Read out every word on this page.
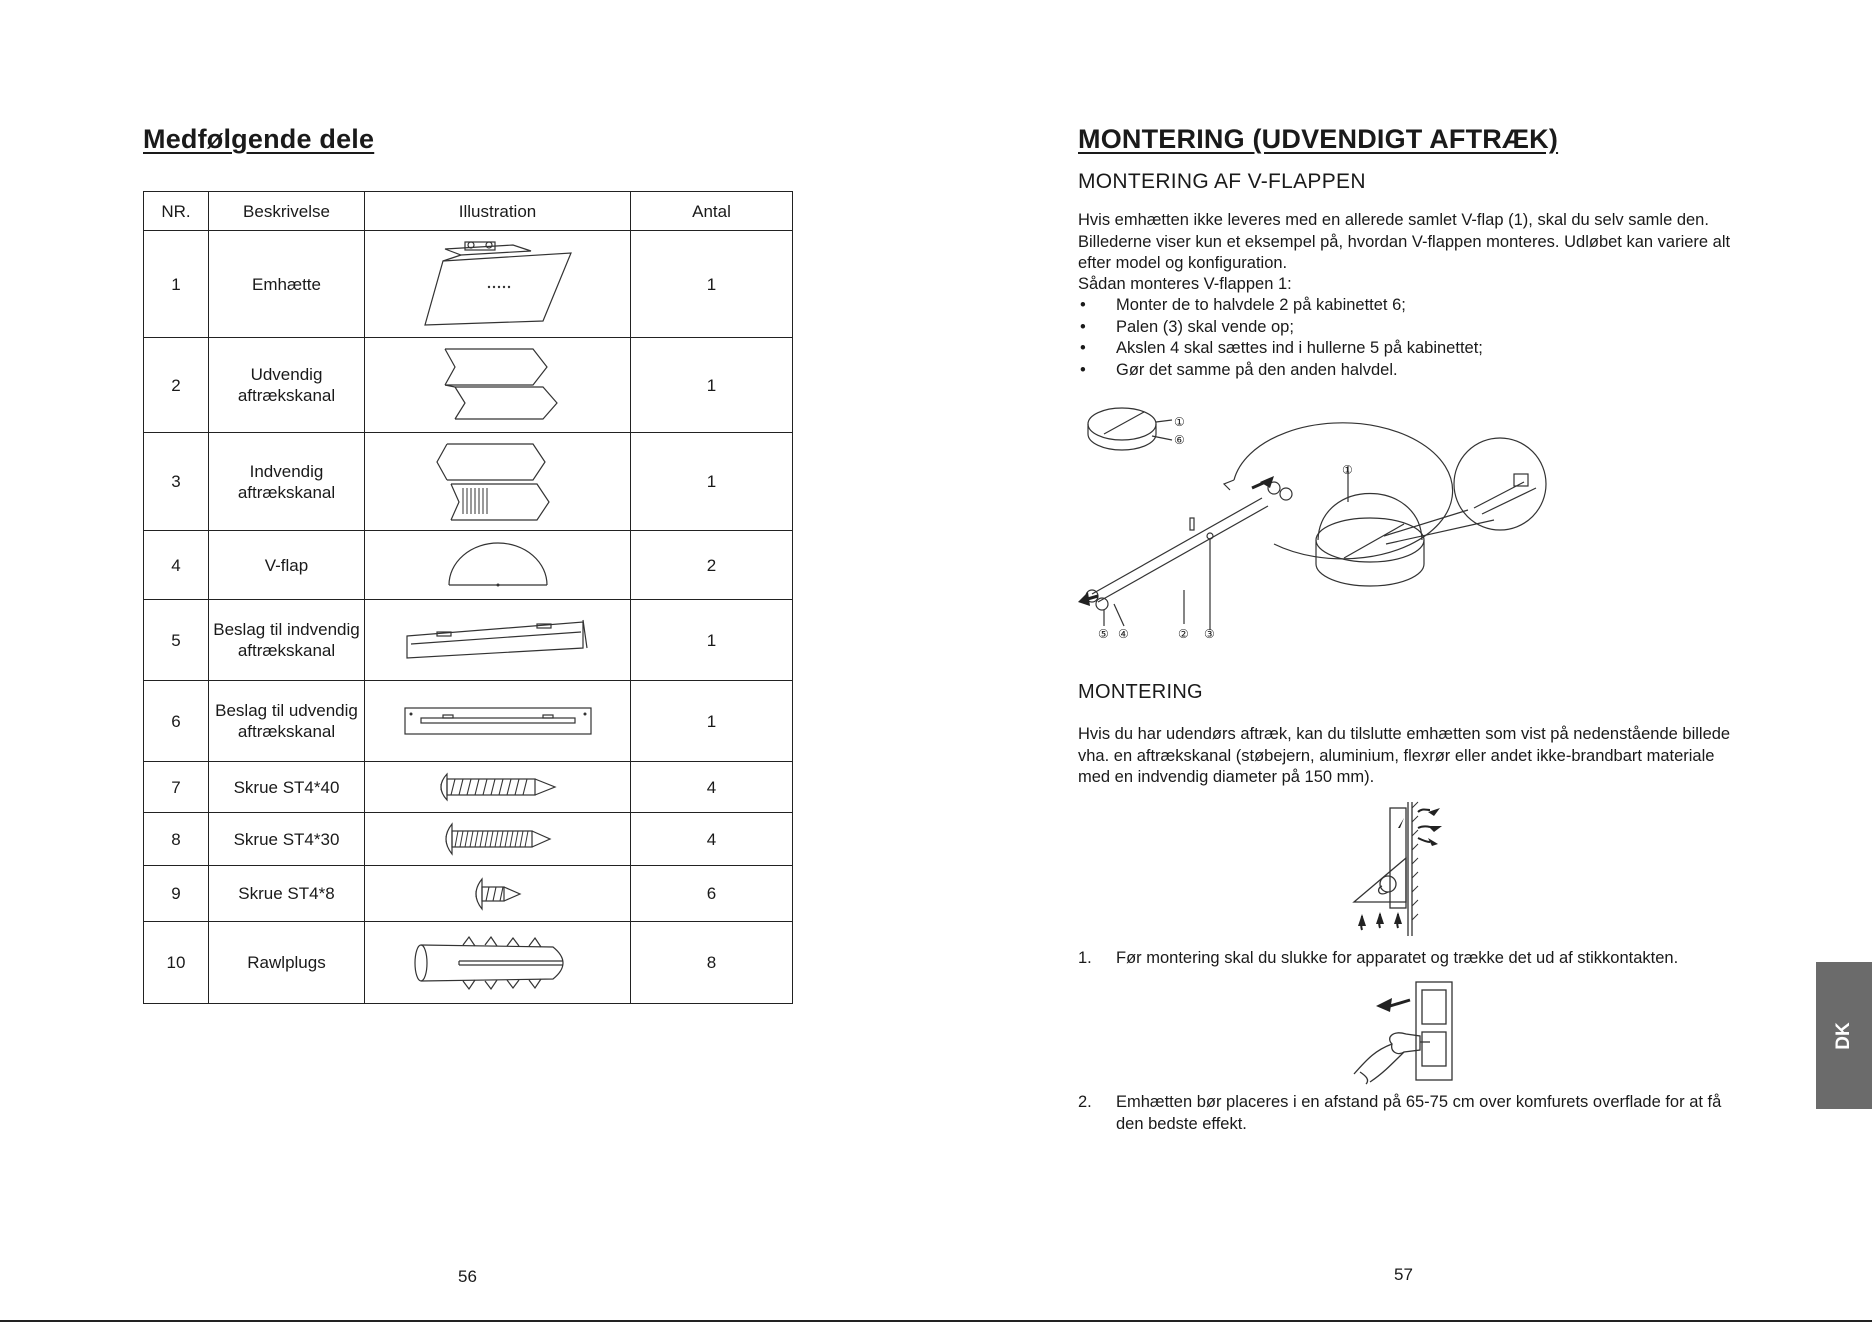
Medfølgende dele
NR.	Beskrivelse	Illustration	Antal
1	Emhætte		1
2	Udvendig aftrækskanal		1
3	Indvendig aftrækskanal		1
4	V-flap		2
5	Beslag til indvendig aftrækskanal		1
6	Beslag til udvendig aftrækskanal		1
7	Skrue ST4*40		4
8	Skrue ST4*30		4
9	Skrue ST4*8		6
10	Rawlplugs		8
56
MONTERING (UDVENDIGT AFTRÆK)
MONTERING AF V-FLAPPEN

Hvis emhætten ikke leveres med en allerede samlet V-flap (1), skal du selv samle den. Billederne viser kun et eksempel på, hvordan V-flappen monteres. Udløbet kan variere alt efter model og konfiguration.

Sådan monteres V-flappen 1:

• Monter de to halvdele 2 på kabinettet 6;
• Palen (3) skal vende op;
• Akslen 4 skal sættes ind i hullerne 5 på kabinettet;
• Gør det samme på den anden halvdel.
①
⑥
⑤ ④	② ③
①
MONTERING

Hvis du har udendørs aftræk, kan du tilslutte emhætten som vist på nedenstående billede vha. en aftrækskanal (støbejern, aluminium, flexrør eller andet ikke-brandbart materiale med en indvendig diameter på 150 mm).

1.	Før montering skal du slukke for apparatet og trække det ud af stikkontakten.
2.	Emhætten bør placeres i en afstand på 65-75 cm over komfurets overflade for at få den bedste effekt.
57
DK
